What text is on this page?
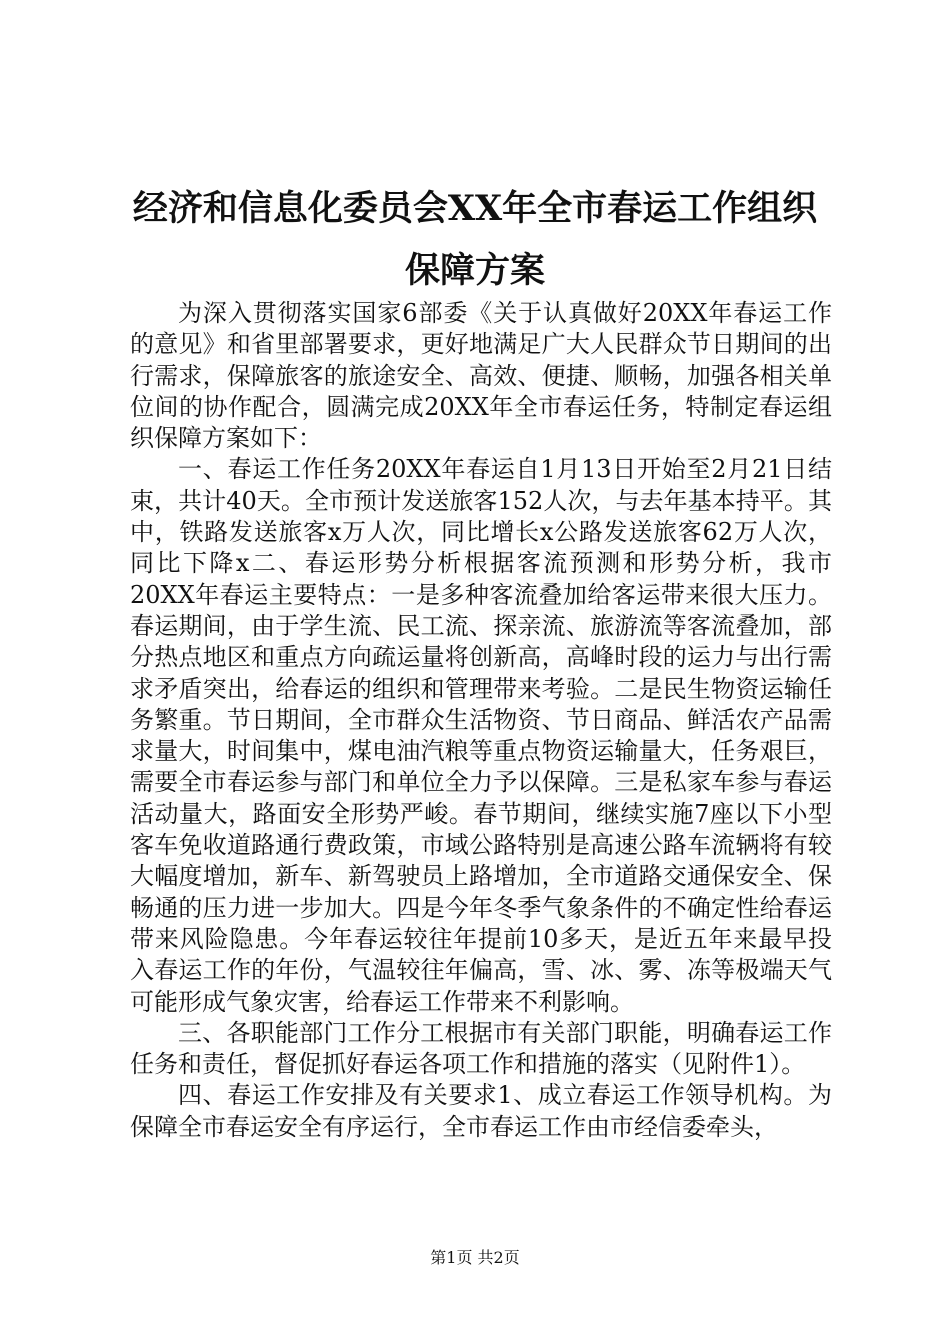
经济和信息化委员会XX年全市春运工作组织
保障方案

为深入贯彻落实国家6部委《关于认真做好20XX年春运工作的意见》和省里部署要求，更好地满足广大人民群众节日期间的出行需求，保障旅客的旅途安全、高效、便捷、顺畅，加强各相关单位间的协作配合，圆满完成20XX年全市春运任务，特制定春运组织保障方案如下：

一、春运工作任务20XX年春运自1月13日开始至2月21日结束，共计40天。全市预计发送旅客152人次，与去年基本持平。其中，铁路发送旅客x万人次，同比增长x公路发送旅客62万人次，同比下降x二、春运形势分析根据客流预测和形势分析，我市20XX年春运主要特点：一是多种客流叠加给客运带来很大压力。春运期间，由于学生流、民工流、探亲流、旅游流等客流叠加，部分热点地区和重点方向疏运量将创新高，高峰时段的运力与出行需求矛盾突出，给春运的组织和管理带来考验。二是民生物资运输任务繁重。节日期间，全市群众生活物资、节日商品、鲜活农产品需求量大，时间集中，煤电油汽粮等重点物资运输量大，任务艰巨，需要全市春运参与部门和单位全力予以保障。三是私家车参与春运活动量大，路面安全形势严峻。春节期间，继续实施7座以下小型客车免收道路通行费政策，市域公路特别是高速公路车流辆将有较大幅度增加，新车、新驾驶员上路增加，全市道路交通保安全、保畅通的压力进一步加大。四是今年冬季气象条件的不确定性给春运带来风险隐患。今年春运较往年提前10多天，是近五年来最早投入春运工作的年份，气温较往年偏高，雪、冰、雾、冻等极端天气可能形成气象灾害，给春运工作带来不利影响。

三、各职能部门工作分工根据市有关部门职能，明确春运工作任务和责任，督促抓好春运各项工作和措施的落实（见附件1）。

四、春运工作安排及有关要求1、成立春运工作领导机构。为保障全市春运安全有序运行，全市春运工作由市经信委牵头，

第1页 共2页
